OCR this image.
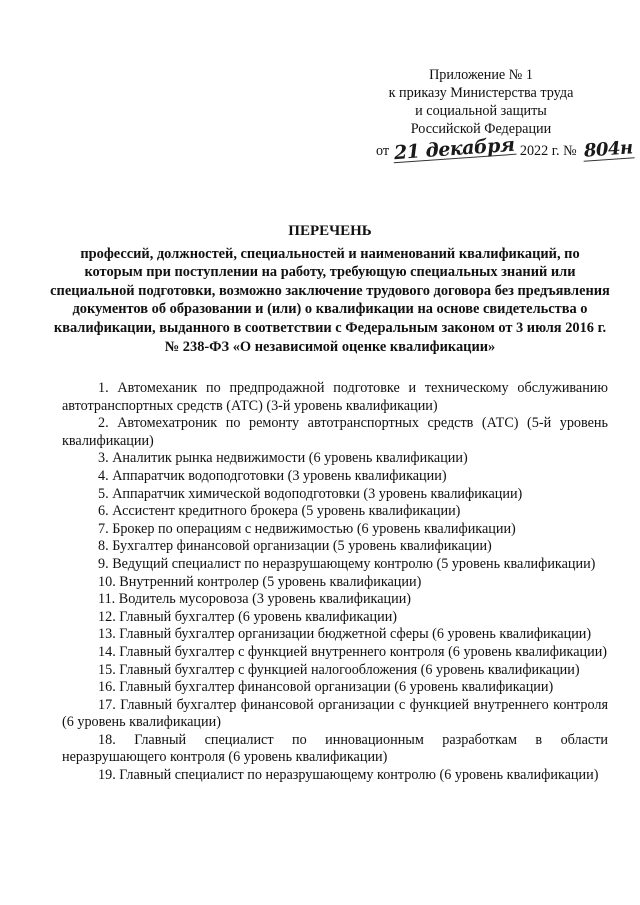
Приложение № 1
к приказу Министерства труда
и социальной защиты
Российской Федерации
от 21 декабря 2022 г. № 804н
ПЕРЕЧЕНЬ
профессий, должностей, специальностей и наименований квалификаций, по которым при поступлении на работу, требующую специальных знаний или специальной подготовки, возможно заключение трудового договора без предъявления документов об образовании и (или) о квалификации на основе свидетельства о квалификации, выданного в соответствии с Федеральным законом от 3 июля 2016 г. № 238-ФЗ «О независимой оценке квалификации»

1. Автомеханик по предпродажной подготовке и техническому обслуживанию автотранспортных средств (АТС) (3-й уровень квалификации)

2. Автомехатроник по ремонту автотранспортных средств (АТС) (5-й уровень квалификации)

3. Аналитик рынка недвижимости (6 уровень квалификации)

4. Аппаратчик водоподготовки (3 уровень квалификации)

5. Аппаратчик химической водоподготовки (3 уровень квалификации)

6. Ассистент кредитного брокера (5 уровень квалификации)

7. Брокер по операциям с недвижимостью (6 уровень квалификации)

8. Бухгалтер финансовой организации (5 уровень квалификации)

9. Ведущий специалист по неразрушающему контролю (5 уровень квалификации)

10. Внутренний контролер (5 уровень квалификации)

11. Водитель мусоровоза (3 уровень квалификации)

12. Главный бухгалтер (6 уровень квалификации)

13. Главный бухгалтер организации бюджетной сферы (6 уровень квалификации)

14. Главный бухгалтер с функцией внутреннего контроля (6 уровень квалификации)

15. Главный бухгалтер с функцией налогообложения (6 уровень квалификации)

16. Главный бухгалтер финансовой организации (6 уровень квалификации)

17. Главный бухгалтер финансовой организации с функцией внутреннего контроля (6 уровень квалификации)

18. Главный специалист по инновационным разработкам в области неразрушающего контроля (6 уровень квалификации)

19. Главный специалист по неразрушающему контролю (6 уровень квалификации)
